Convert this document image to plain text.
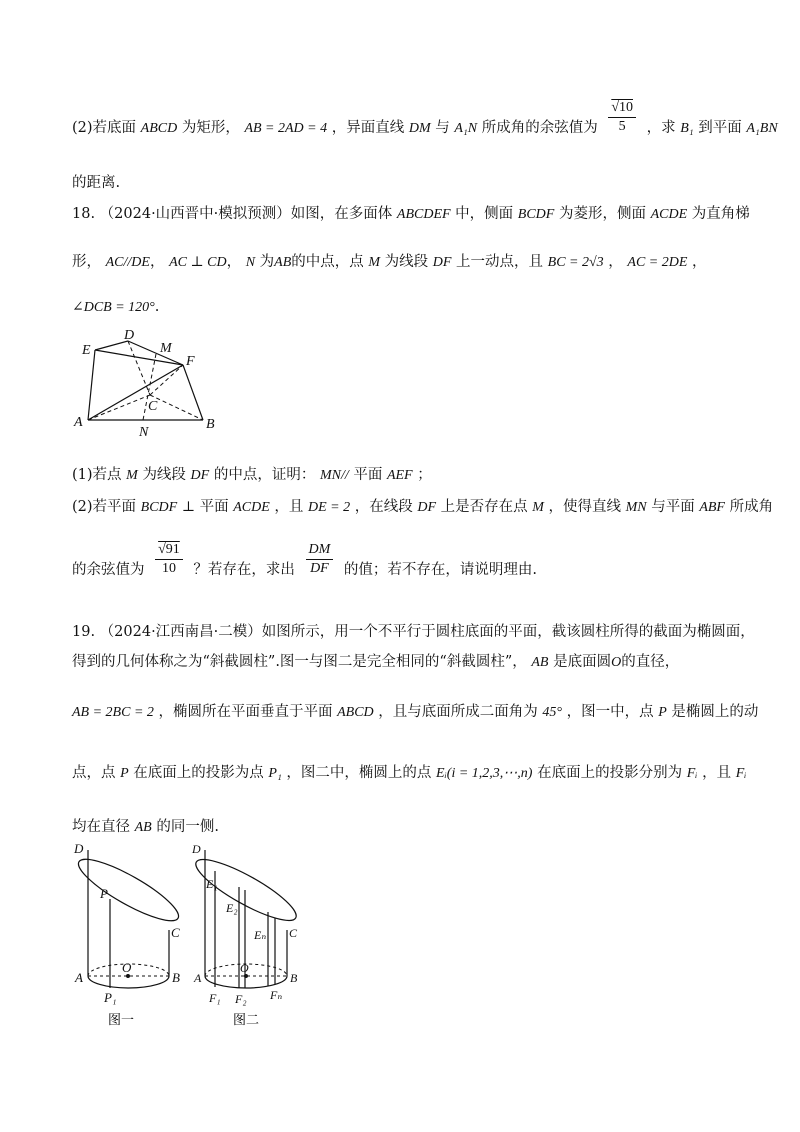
(2)若底面 ABCD 为矩形， AB = 2AD = 4 ，异面直线 DM 与 A₁N 所成角的余弦值为 $\frac{√10}{5}$ ，求 B₁ 到平面 A₁BN
的距离.
18. （2024·山西晋中·模拟预测）如图，在多面体 ABCDEF 中，侧面 BCDF 为菱形，侧面 ACDE 为直角梯
形， AC//DE， AC ⊥ CD， N 为AB的中点，点 M 为线段 DF 上一动点，且 BC = 2√3 ， AC = 2DE ，
∠DCB = 120°.
A	B
C
D
E
F
M
N
(1)若点 M 为线段 DF 的中点，证明： MN// 平面 AEF ；
(2)若平面 BCDF ⊥ 平面 ACDE ，且 DE = 2 ，在线段 DF 上是否存在点 M ，使得直线 MN 与平面 ABF 所成角
的余弦值为 $\frac{√91}{10}$ ？若存在，求出 $\frac{DM}{DF}$ 的值；若不存在，请说明理由.
19. （2024·江西南昌·二模）如图所示，用一个不平行于圆柱底面的平面，截该圆柱所得的截面为椭圆面，
得到的几何体称之为“斜截圆柱”.图一与图二是完全相同的“斜截圆柱”， AB 是底面圆O的直径，
AB = 2BC = 2 ，椭圆所在平面垂直于平面 ABCD ，且与底面所成二面角为 45° ，图一中，点 P 是椭圆上的动
点，点 P 在底面上的投影为点 P₁ ，图二中，椭圆上的点 Eᵢ(i = 1,2,3,⋯,n) 在底面上的投影分别为 Fᵢ ，且 Fᵢ
均在直径 AB 的同一侧.
D
P
C
A
O
B
P₁
图一
D
E₁
E₂
Eₙ C
A
O
B
F₁ F₂ Fₙ
图二
